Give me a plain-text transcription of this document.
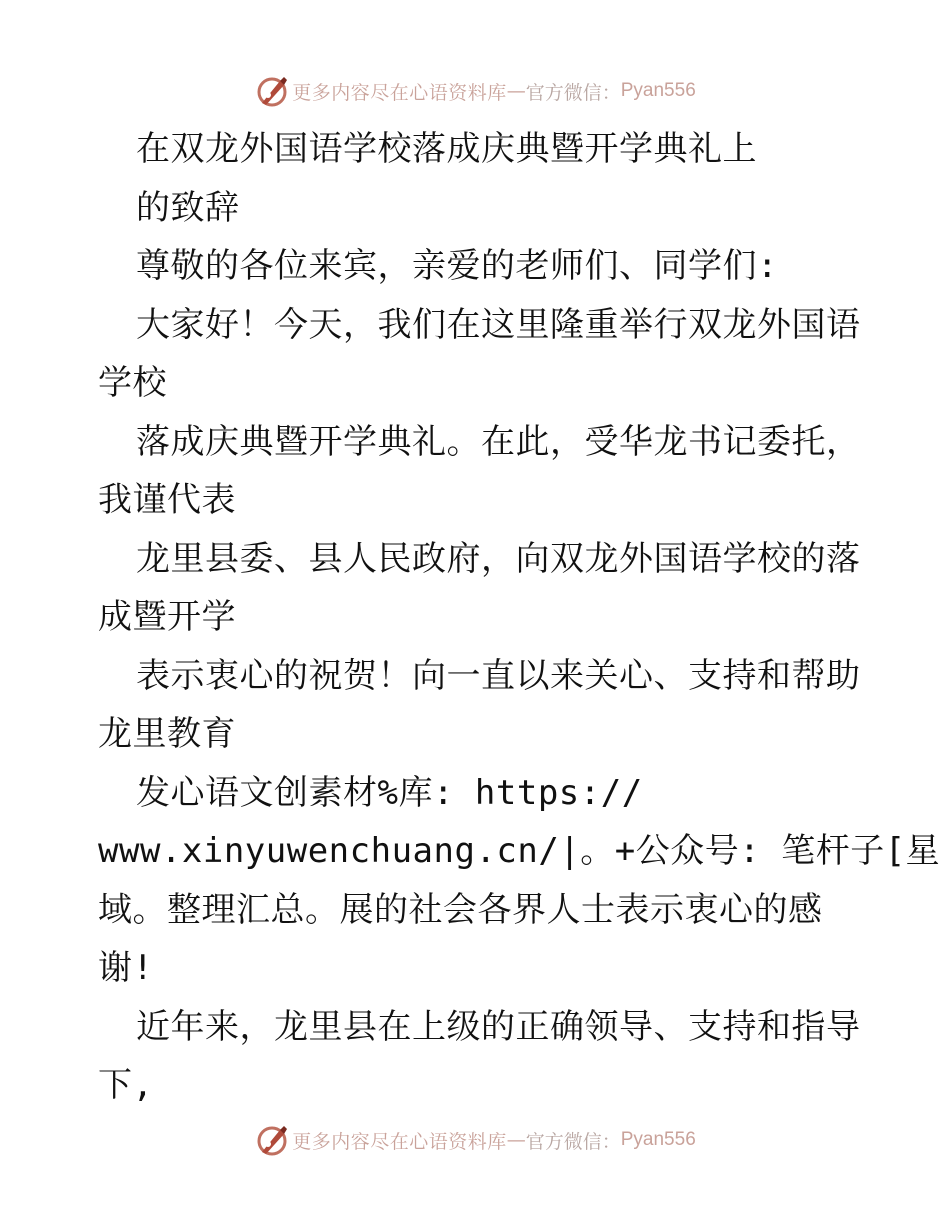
更多内容尽在心语资料库 — 官方微信： Pyan556
在双龙外国语学校落成庆典暨开学典礼上
的致辞
尊敬的各位来宾，亲爱的老师们、同学们:
大家好！今天，我们在这里隆重举行双龙外国语
学校
落成庆典暨开学典礼。在此，受华龙书记委托，
我谨代表
龙里县委、县人民政府，向双龙外国语学校的落
成暨开学
表示衷心的祝贺！向一直以来关心、支持和帮助
龙里教育
发心语文创素材%库: https://
www.xinyuwenchuang.cn/|。+公众号: 笔杆子[星
域。整理汇总。展的社会各界人士表示衷心的感
谢!
近年来，龙里县在上级的正确领导、支持和指导
下,
更多内容尽在心语资料库 — 官方微信： Pyan556
